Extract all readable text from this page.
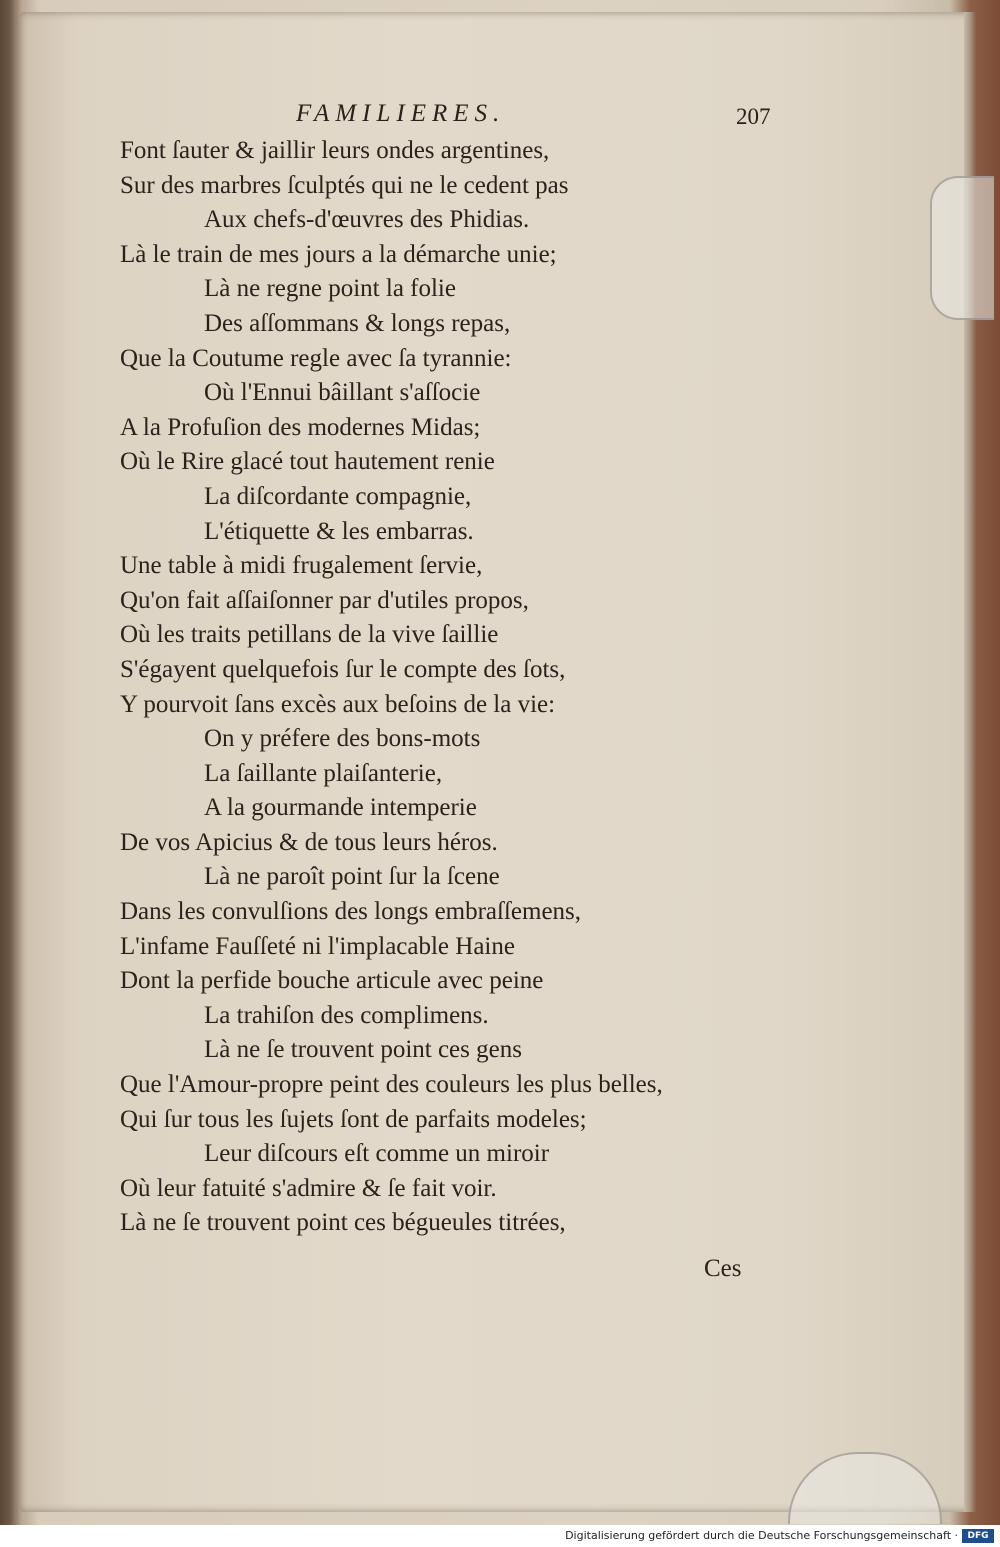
FAMILIERES.	207
Font ſauter & jaillir leurs ondes argentines,
Sur des marbres ſculptés qui ne le cedent pas
Aux chefs-d'œuvres des Phidias.
Là le train de mes jours a la démarche unie;
Là ne regne point la folie
Des aſſommans & longs repas,
Que la Coutume regle avec ſa tyrannie:
Où l'Ennui bâillant s'aſſocie
A la Profuſion des modernes Midas;
Où le Rire glacé tout hautement renie
La diſcordante compagnie,
L'étiquette & les embarras.
Une table à midi frugalement ſervie,
Qu'on fait aſſaiſonner par d'utiles propos,
Où les traits petillans de la vive ſaillie
S'égayent quelquefois ſur le compte des ſots,
Y pourvoit ſans excès aux beſoins de la vie:
On y préfere des bons-mots
La ſaillante plaiſanterie,
A la gourmande intemperie
De vos Apicius & de tous leurs héros.
Là ne paroît point ſur la ſcene
Dans les convulſions des longs embraſſemens,
L'infame Fauſſeté ni l'implacable Haine
Dont la perfide bouche articule avec peine
La trahiſon des complimens.
Là ne ſe trouvent point ces gens
Que l'Amour-propre peint des couleurs les plus belles,
Qui ſur tous les ſujets ſont de parfaits modeles;
Leur diſcours eſt comme un miroir
Où leur fatuité s'admire & ſe fait voir.
Là ne ſe trouvent point ces bégueules titrées,
Ces
Digitalisierung gefördert durch die Deutsche Forschungsgemeinschaft ·	DFG
